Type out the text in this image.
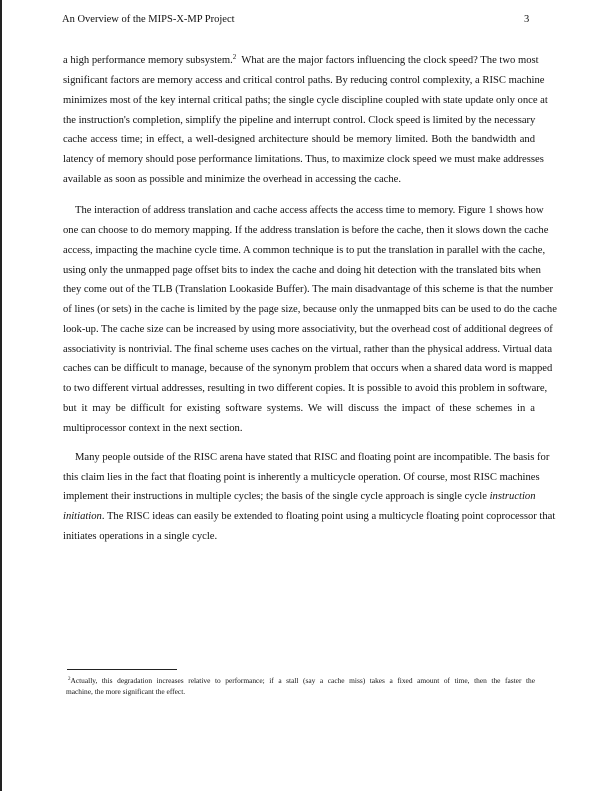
An Overview of the MIPS-X-MP Project	3
a high performance memory subsystem.$^2$  What are the major factors influencing the clock speed? The two most
significant factors are memory access and critical control paths. By reducing control complexity, a RISC machine
minimizes most of the key internal critical paths; the single cycle discipline coupled with state update only once at
the instruction's completion, simplify the pipeline and interrupt control. Clock speed is limited by the necessary
cache access time; in effect, a well-designed architecture should be memory limited. Both the bandwidth and
latency of memory should pose performance limitations. Thus, to maximize clock speed we must make addresses
available as soon as possible and minimize the overhead in accessing the cache.
The interaction of address translation and cache access affects the access time to memory. Figure 1 shows how
one can choose to do memory mapping. If the address translation is before the cache, then it slows down the cache
access, impacting the machine cycle time. A common technique is to put the translation in parallel with the cache,
using only the unmapped page offset bits to index the cache and doing hit detection with the translated bits when
they come out of the TLB (Translation Lookaside Buffer). The main disadvantage of this scheme is that the number
of lines (or sets) in the cache is limited by the page size, because only the unmapped bits can be used to do the cache
look-up. The cache size can be increased by using more associativity, but the overhead cost of additional degrees of
associativity is nontrivial. The final scheme uses caches on the virtual, rather than the physical address. Virtual data
caches can be difficult to manage, because of the synonym problem that occurs when a shared data word is mapped
to two different virtual addresses, resulting in two different copies. It is possible to avoid this problem in software,
but it may be difficult for existing software systems. We will discuss the impact of these schemes in a
multiprocessor context in the next section.
Many people outside of the RISC arena have stated that RISC and floating point are incompatible. The basis for
this claim lies in the fact that floating point is inherently a multicycle operation. Of course, most RISC machines
implement their instructions in multiple cycles; the basis of the single cycle approach is single cycle instruction
initiation. The RISC ideas can easily be extended to floating point using a multicycle floating point coprocessor that
initiates operations in a single cycle.
$^2$Actually, this degradation increases relative to performance; if a stall (say a cache miss) takes a fixed amount of time, then the faster the
machine, the more significant the effect.
